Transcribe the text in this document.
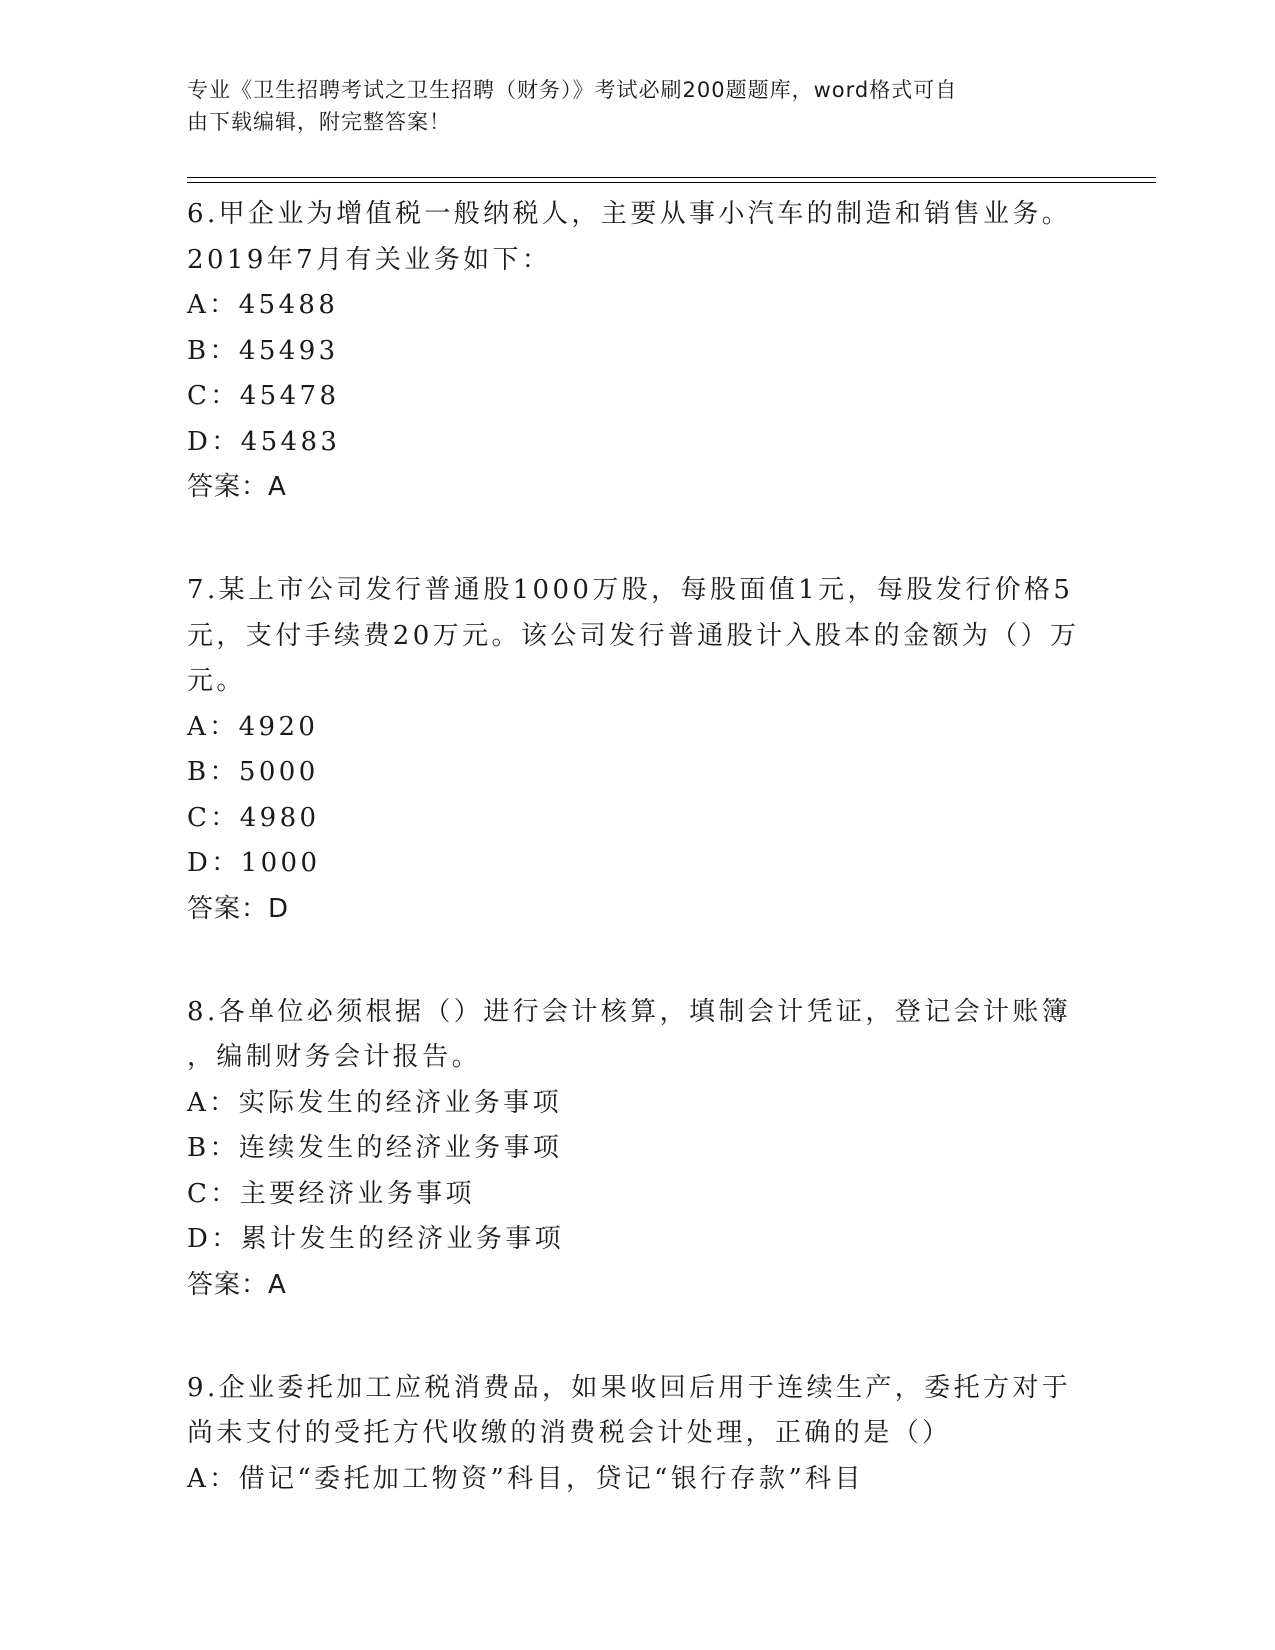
专业《卫生招聘考试之卫生招聘（财务）》考试必刷200题题库，word格式可自
由下载编辑，附完整答案！
6.甲企业为增值税一般纳税人，主要从事小汽车的制造和销售业务。
2019年7月有关业务如下：
A：45488
B：45493
C：45478
D：45483
答案：A
7.某上市公司发行普通股1000万股，每股面值1元，每股发行价格5
元，支付手续费20万元。该公司发行普通股计入股本的金额为（）万
元。
A：4920
B：5000
C：4980
D：1000
答案：D
8.各单位必须根据（）进行会计核算，填制会计凭证，登记会计账簿
，编制财务会计报告。
A：实际发生的经济业务事项
B：连续发生的经济业务事项
C：主要经济业务事项
D：累计发生的经济业务事项
答案：A
9.企业委托加工应税消费品，如果收回后用于连续生产，委托方对于
尚未支付的受托方代收缴的消费税会计处理，正确的是（）
A：借记“委托加工物资”科目，贷记“银行存款”科目
